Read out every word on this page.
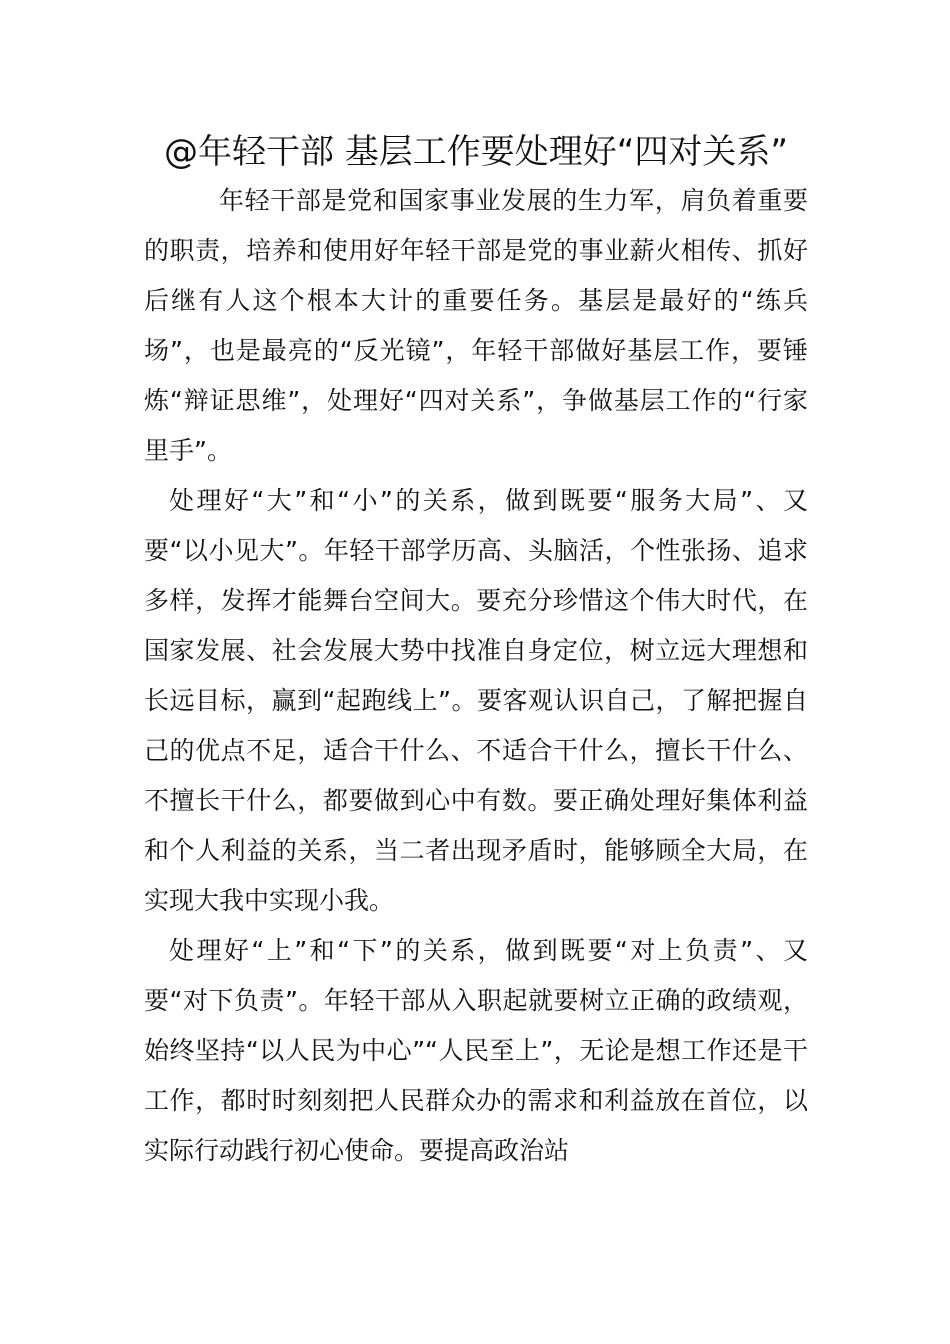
@年轻干部 基层工作要处理好“四对关系”

年轻干部是党和国家事业发展的生力军，肩负着重要的职责，培养和使用好年轻干部是党的事业薪火相传、抓好后继有人这个根本大计的重要任务。基层是最好的“练兵场”，也是最亮的“反光镜”，年轻干部做好基层工作，要锤炼“辩证思维”，处理好“四对关系”，争做基层工作的“行家里手”。

处理好“大”和“小”的关系，做到既要“服务大局”、又要“以小见大”。年轻干部学历高、头脑活，个性张扬、追求多样，发挥才能舞台空间大。要充分珍惜这个伟大时代，在国家发展、社会发展大势中找准自身定位，树立远大理想和长远目标，赢到“起跑线上”。要客观认识自己，了解把握自己的优点不足，适合干什么、不适合干什么，擅长干什么、不擅长干什么，都要做到心中有数。要正确处理好集体利益和个人利益的关系，当二者出现矛盾时，能够顾全大局，在实现大我中实现小我。

处理好“上”和“下”的关系，做到既要“对上负责”、又要“对下负责”。年轻干部从入职起就要树立正确的政绩观，始终坚持“以人民为中心”“人民至上”，无论是想工作还是干工作，都时时刻刻把人民群众办的需求和利益放在首位，以实际行动践行初心使命。要提高政治站
